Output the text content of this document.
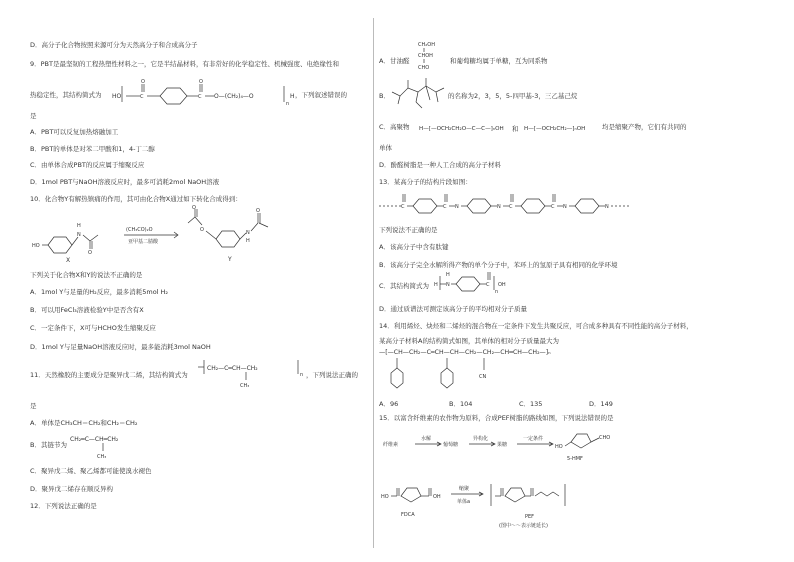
D．高分子化合物按照来源可分为天然高分子和合成高分子
9．PBT是最坚韧的工程热塑性材料之一，它是半结晶材料，有非常好的化学稳定性、机械强度、电绝缘性和
热稳定性，其结构简式为 HO	C
O
C
O
O—(CH₂)₄—O
n
H ，下列叙述错误的
是
A．PBT可以反复加热熔融加工
B．PBT的单体是对苯二甲酸和1，4-丁二醇
C．由单体合成PBT的反应属于缩聚反应
D．1mol PBT与NaOH溶液反应时，最多可消耗2mol NaOH溶液
10．化合物Y有解热镇痛的作用，其可由化合物X通过如下转化合成得到：
HO
N
H
O
X
(CH₃CO)₂O
亚甲基二腈酸
O
O	N
H
O
Y
下列关于化合物X和Y的说法不正确的是
A．1mol Y与足量的H₂反应，最多消耗5mol H₂
B．可以用FeCl₃溶液检验Y中是否含有X
C．一定条件下，X可与HCHO发生缩聚反应
D．1mol Y与足量NaOH溶液反应时，最多能消耗3mol NaOH
11．天然橡胶的主要成分是聚异戊二烯，其结构简式为
CH₂—C═CH—CH₂
CH₃
n ，下列说法正确的
是
A．单体是CH₃CH＝CH₂和CH₂＝CH₂
B．其链节为
CH₂═C—CH═CH₂
CH₃
C．聚异戊二烯、聚乙烯都可能使溴水褪色
D．聚异戊二烯存在顺反异构
12．下列说法正确的是
A．甘油醛
CH₂OH
CHOH
CHO
和葡萄糖均属于单糖，互为同系物
B．	的名称为2，3，5，5-四甲基-3，三乙基己烷
C．高聚物 H—[—OCH₂CH₂O—C—C—]ₙOH 和 H—[—OCH₂CH₂—]ₙOH	均是缩聚产物，它们有共同的
单体
D．酚醛树脂是一种人工合成的高分子材料
13．某高分子的结构片段如图：
C	C N	N C	C N	N
下列说法不正确的是
A．该高分子中含有肽键
B．该高分子完全水解所得产物的单个分子中，苯环上的氢原子具有相同的化学环境
C．其结构简式为 H N
H
C
n
OH
D．通过质谱法可测定该高分子的平均相对分子质量
14．利用烯烃、炔烃和二烯烃的混合物在一定条件下发生共聚反应，可合成多种具有不同性能的高分子材料，
某高分子材料A的结构简式如图，其单体的相对分子质量最大为
—[—CH—CH₂—C═CH—CH—CH₂—CH₂—CH═CH—CH₂—]ₙ
CN
A．96	B．104	C．135	D．149
15．以富含纤维素的农作物为原料，合成PEF树脂的路线如图，下列说法错误的是
纤维素
水解
葡萄糖
异构化
果糖
一定条件
HO
CHO
5-HMF
HO	OH
FDCA
缩聚
单体a
PEF
(图中～～表示链延长)
